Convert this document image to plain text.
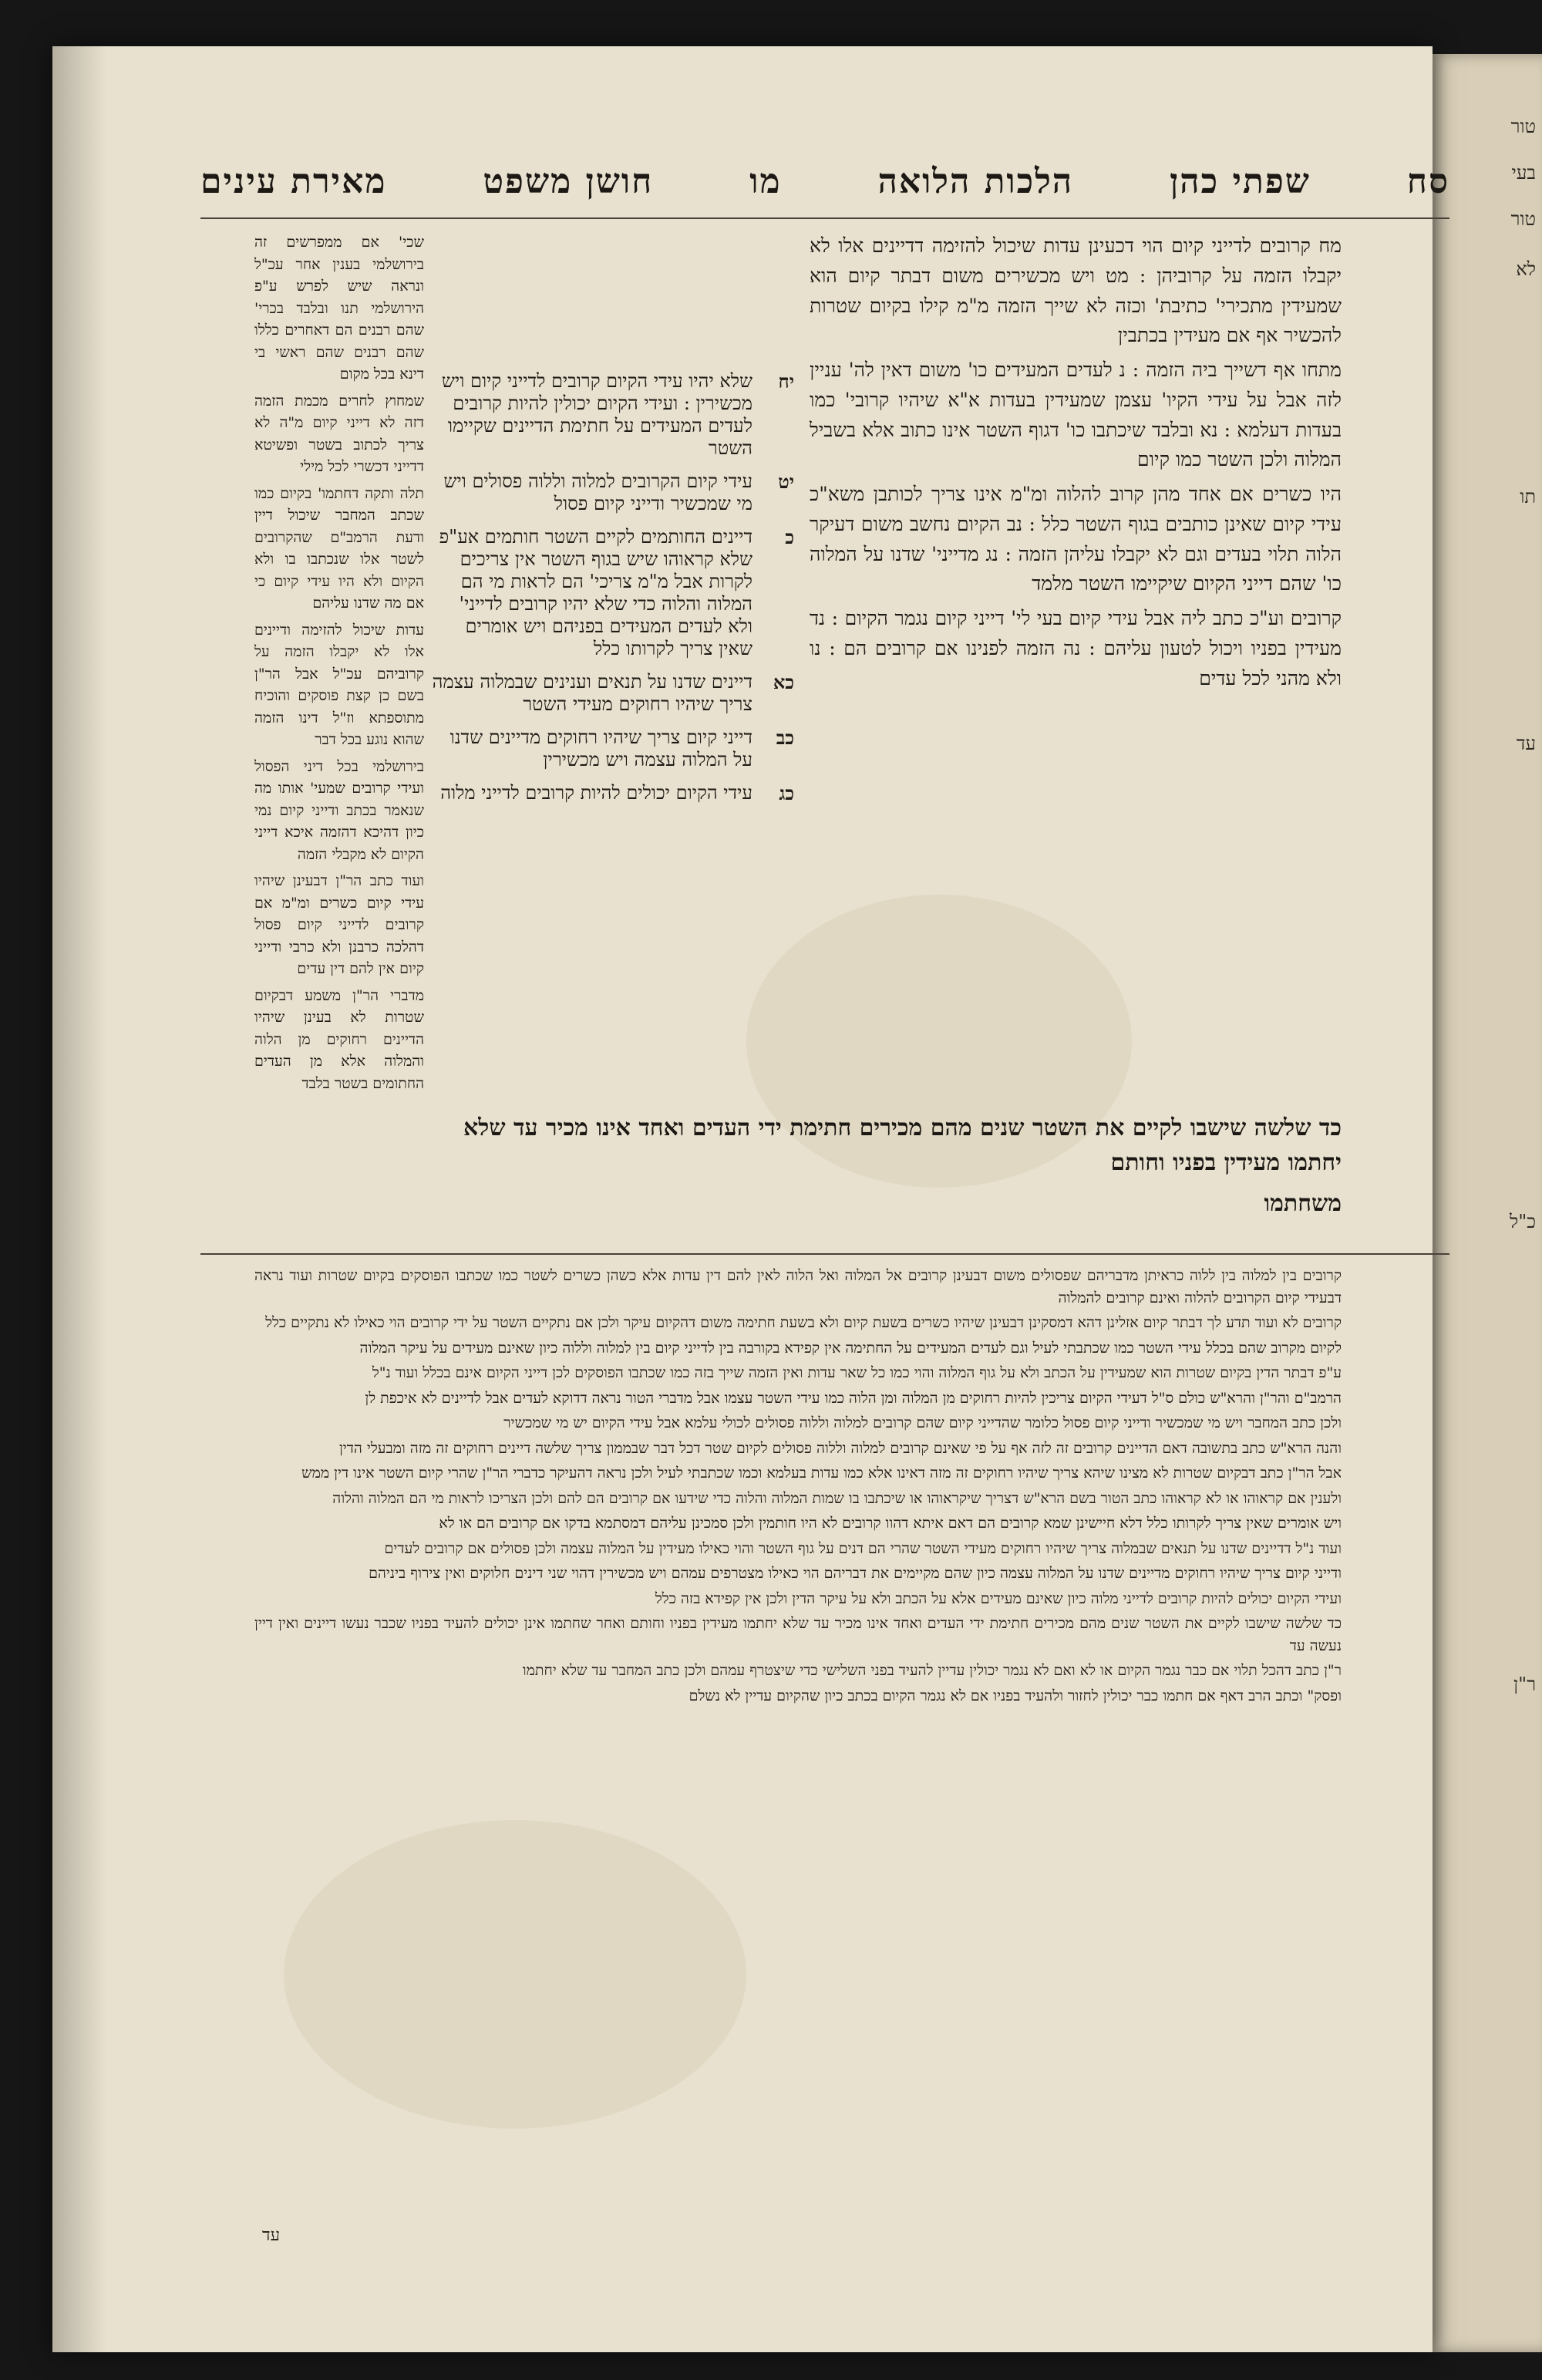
טור
בעי
טור
לא
תו
עד
כ"ל
ר"ן
מאירת עינים	חושן משפט	מו	הלכות הלואה	שפתי כהן	סח

מח קרובים לדייני קיום הוי דכעינן עדות שיכול להזימה דדיינים אלו לא יקבלו הזמה על קרוביהן : מט ויש מכשירים משום דבתר קיום הוא שמעידין מתכירי' כתיבת' וכזה לא שייך הזמה מ"מ קילו בקיום שטרות להכשיר אף אם מעידין בכתבין

מתחו אף דשייך ביה הזמה : נ לעדים המעידים כו' משום דאין לה' עניין לזה אבל על עידי הקיו' עצמן שמעידין בעדות א"א שיהיו קרובי' כמו בעדות דעלמא : נא ובלבד שיכתבו כו' דגוף השטר אינו כתוב אלא בשביל המלוה ולכן השטר כמו קיום

היו כשרים אם אחד מהן קרוב להלוה ומ"מ אינו צריך לכותבן משא"כ עידי קיום שאינן כותבים בגוף השטר כלל : נב הקיום נחשב משום דעיקר הלוה תלוי בעדים וגם לא יקבלו עליהן הזמה : נג מדייני' שדנו על המלוה כו' שהם דייני הקיום שיקיימו השטר מלמד

קרובים וע"כ כתב ליה אבל עידי קיום בעי לי' דייני קיום נגמר הקיום : נד מעידין בפניו ויכול לטעון עליהם : נה הזמה לפנינו אם קרובים הם : נו ולא מהני לכל עדים

יח
שלא יהיו עידי הקיום קרובים לדייני קיום ויש מכשירין : ועידי הקיום יכולין להיות קרובים לעדים המעידים על חתימת הדיינים שקיימו השטר
יט
עידי קיום הקרובים למלוה וללוה פסולים ויש מי שמכשיר ודייני קיום פסול
כ
דיינים החותמים לקיים השטר חותמים אע"פ שלא קראוהו שיש בגוף השטר אין צריכים לקרות אבל מ"מ צריכי' הם לראות מי הם המלוה והלוה כדי שלא יהיו קרובים לדייני' ולא לעדים המעידים בפניהם ויש אומרים שאין צריך לקרותו כלל
כא
דיינים שדנו על תנאים וענינים שבמלוה עצמה צריך שיהיו רחוקים מעידי השטר
כב
דייני קיום צריך שיהיו רחוקים מדיינים שדנו על המלוה עצמה ויש מכשירין
כג
עידי הקיום יכולים להיות קרובים לדייני מלוה

שכי' אם ממפרשים זה בירושלמי בענין אחר עכ"ל ונראה שיש לפרש ע"פ הירושלמי תנו ובלבד בכרי' שהם רבנים הם דאחרים כללו שהם רבנים שהם ראשי בי דינא בכל מקום

שמחוץ לחרים מכמת הזמה דזה לא דייני קיום מ"ה לא צריך לכתוב בשטר ופשיטא דדייני דכשרי לכל מילי

תלה ותקה דחתמו' בקיום כמו שכתב המחבר שיכול דיין ודעת הרמב"ם שהקרובים לשטר אלו שנכתבו בו ולא הקיום ולא היו עידי קיום כי אם מה שדנו עליהם

עדות שיכול להזימה ודיינים אלו לא יקבלו הזמה על קרוביהם עכ"ל אבל הר"ן בשם כן קצת פוסקים והוכיח מתוספתא וז"ל דינו הזמה שהוא נוגע בכל דבר

בירושלמי בכל דיני הפסול ועידי קרובים שמעי' אותו מה שנאמר בכתב ודייני קיום נמי כיון דהיכא דהזמה איכא דייני הקיום לא מקבלי הזמה

ועוד כתב הר"ן דבעינן שיהיו עידי קיום כשרים ומ"מ אם קרובים לדייני קיום פסול דהלכה כרבנן ולא כרבי ודייני קיום אין להם דין עדים

מדברי הר"ן משמע דבקיום שטרות לא בעינן שיהיו הדיינים רחוקים מן הלוה והמלוה אלא מן העדים החתומים בשטר בלבד

כד שלשה שישבו לקיים את השטר שנים מהם מכירים חתימת ידי העדים ואחד אינו מכיר עד שלא יחתמו מעידין בפניו וחותם

משחתמו

קרובים בין למלוה בין ללוה כראיתן מדבריהם שפסולים משום דבעינן קרובים אל המלוה ואל הלוה לאין להם דין עדות אלא כשהן כשרים לשטר כמו שכתבו הפוסקים בקיום שטרות ועוד נראה דבעידי קיום הקרובים להלוה ואינם קרובים להמלוה

קרובים לא ועוד תדע לך דבתר קיום אזלינן דהא דמסקינן דבעינן שיהיו כשרים בשעת קיום ולא בשעת חתימה משום דהקיום עיקר ולכן אם נתקיים השטר על ידי קרובים הוי כאילו לא נתקיים כלל

לקיום מקרוב שהם בכלל עידי השטר כמו שכתבתי לעיל וגם לעדים המעידים על החתימה אין קפידא בקורבה בין לדייני קיום בין למלוה וללוה כיון שאינם מעידים על עיקר המלוה

ע"פ דבתר הדין בקיום שטרות הוא שמעידין על הכתב ולא על גוף המלוה והוי כמו כל שאר עדות ואין הזמה שייך בזה כמו שכתבו הפוסקים לכן דייני הקיום אינם בכלל ועוד נ"ל

הרמב"ם והר"ן והרא"ש כולם ס"ל דעידי הקיום צריכין להיות רחוקים מן המלוה ומן הלוה כמו עידי השטר עצמו אבל מדברי הטור נראה דדוקא לעדים אבל לדיינים לא איכפת לן

ולכן כתב המחבר ויש מי שמכשיר ודייני קיום פסול כלומר שהדייני קיום שהם קרובים למלוה וללוה פסולים לכולי עלמא אבל עידי הקיום יש מי שמכשיר

והנה הרא"ש כתב בתשובה דאם הדיינים קרובים זה לזה אף על פי שאינם קרובים למלוה וללוה פסולים לקיום שטר דכל דבר שבממון צריך שלשה דיינים רחוקים זה מזה ומבעלי הדין

אבל הר"ן כתב דבקיום שטרות לא מצינו שיהא צריך שיהיו רחוקים זה מזה דאינו אלא כמו עדות בעלמא וכמו שכתבתי לעיל ולכן נראה דהעיקר כדברי הר"ן שהרי קיום השטר אינו דין ממש

ולענין אם קראוהו או לא קראוהו כתב הטור בשם הרא"ש דצריך שיקראוהו או שיכתבו בו שמות המלוה והלוה כדי שידעו אם קרובים הם להם ולכן הצריכו לראות מי הם המלוה והלוה

ויש אומרים שאין צריך לקרותו כלל דלא חיישינן שמא קרובים הם דאם איתא דהוו קרובים לא היו חותמין ולכן סמכינן עליהם דמסתמא בדקו אם קרובים הם או לא

ועוד נ"ל דדיינים שדנו על תנאים שבמלוה צריך שיהיו רחוקים מעידי השטר שהרי הם דנים על גוף השטר והוי כאילו מעידין על המלוה עצמה ולכן פסולים אם קרובים לעדים

ודייני קיום צריך שיהיו רחוקים מדיינים שדנו על המלוה עצמה כיון שהם מקיימים את דבריהם הוי כאילו מצטרפים עמהם ויש מכשירין דהוי שני דינים חלוקים ואין צירוף ביניהם

ועידי הקיום יכולים להיות קרובים לדייני מלוה כיון שאינם מעידים אלא על הכתב ולא על עיקר הדין ולכן אין קפידא בזה כלל

כד שלשה שישבו לקיים את השטר שנים מהם מכירים חתימת ידי העדים ואחד אינו מכיר עד שלא יחתמו מעידין בפניו וחותם ואחר שחתמו אינן יכולים להעיד בפניו שכבר נעשו דיינים ואין דיין נעשה עד

ר"ן כתב דהכל תלוי אם כבר נגמר הקיום או לא ואם לא נגמר יכולין עדיין להעיד בפני השלישי כדי שיצטרף עמהם ולכן כתב המחבר עד שלא יחתמו

ופסק" וכתב הרב דאף אם חתמו כבר יכולין לחזור ולהעיד בפניו אם לא נגמר הקיום בכתב כיון שהקיום עדיין לא נשלם

עד
